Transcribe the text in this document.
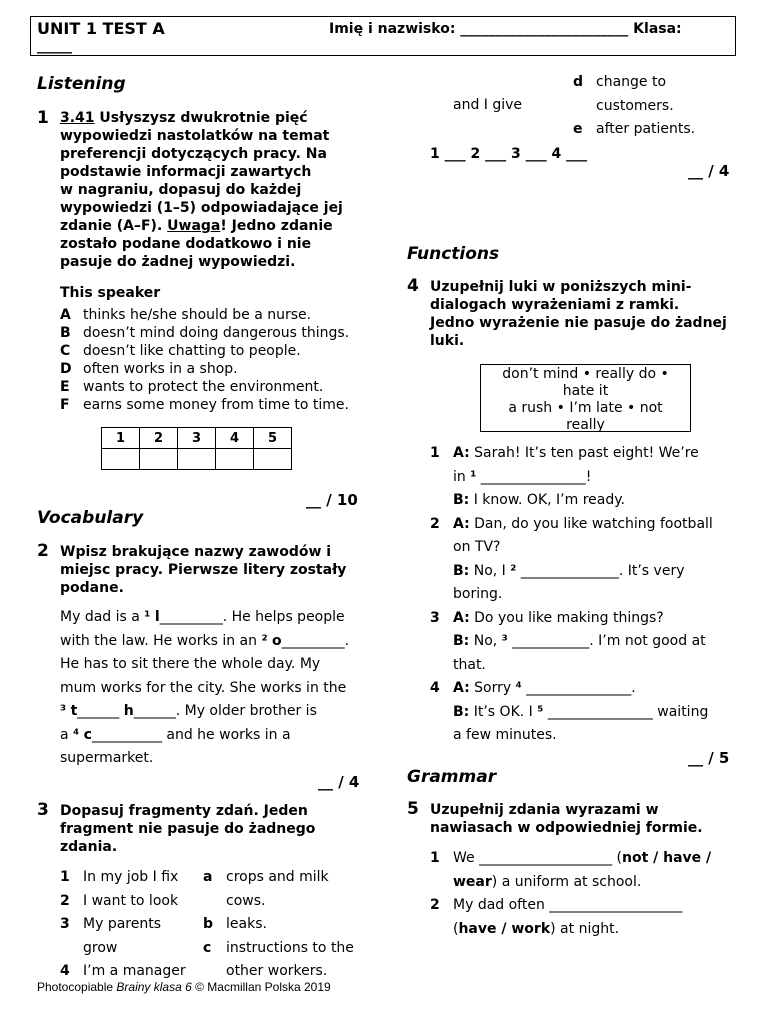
UNIT 1 TEST A	Imię i nazwisko: ________________________ Klasa:
_____
Listening
1 3.41 Usłyszysz dwukrotnie pięć
wypowiedzi nastolatków na temat
preferencji dotyczących pracy. Na
podstawie informacji zawartych
w nagraniu, dopasuj do każdej
wypowiedzi (1–5) odpowiadające jej
zdanie (A–F). Uwaga! Jedno zdanie
zostało podane dodatkowo i nie
pasuje do żadnej wypowiedzi.
This speaker
A thinks he/she should be a nurse.
B doesn’t mind doing dangerous things.
C doesn’t like chatting to people.
D often works in a shop.
E wants to protect the environment.
F earns some money from time to time.
1	2	3	4	5

__ / 10
Vocabulary
2 Wpisz brakujące nazwy zawodów i
miejsc pracy. Pierwsze litery zostały
podane.
My dad is a ¹ l_________. He helps people
with the law. He works in an ² o_________.
He has to sit there the whole day. My
mum works for the city. She works in the
³ t______ h______. My older brother is
a ⁴ c__________ and he works in a
supermarket.
__ / 4
3 Dopasuj fragmenty zdań. Jeden
fragment nie pasuje do żadnego
zdania.
1 In my job I fix
2 I want to look
3 My parents
grow
4 I’m a manager
a crops and milk
cows.
b leaks.
c instructions to the
other workers.
Photocopiable Brainy klasa 6 © Macmillan Polska 2019
and I give
d change to
customers.
e after patients.
1 ___ 2 ___ 3 ___ 4 ___
__ / 4
Functions
4 Uzupełnij luki w poniższych mini-
dialogach wyrażeniami z ramki.
Jedno wyrażenie nie pasuje do żadnej
luki.
don’t mind • really do •
hate it
a rush • I’m late • not
really
1 A: Sarah! It’s ten past eight! We’re
in ¹ _______________!
B: I know. OK, I’m ready.
2 A: Dan, do you like watching football
on TV?
B: No, I ² ______________. It’s very
boring.
3 A: Do you like making things?
B: No, ³ ___________. I’m not good at
that.
4 A: Sorry ⁴ _______________.
B: It’s OK. I ⁵ _______________ waiting
a few minutes.
__ / 5
Grammar
5 Uzupełnij zdania wyrazami w
nawiasach w odpowiedniej formie.
1 We ___________________ (not / have /
wear) a uniform at school.
2 My dad often ___________________
(have / work) at night.
